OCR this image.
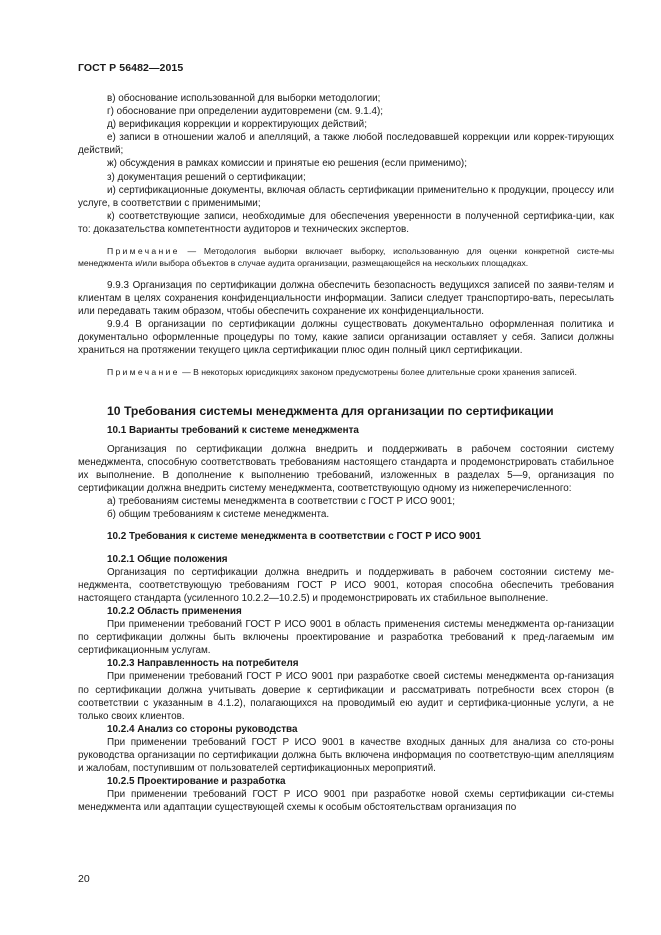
ГОСТ Р 56482—2015

в) обоснование использованной для выборки методологии;

г) обоснование при определении аудитовремени (см. 9.1.4);

д) верификация коррекции и корректирующих действий;

е) записи в отношении жалоб и апелляций, а также любой последовавшей коррекции или коррек-тирующих действий;

ж) обсуждения в рамках комиссии и принятые ею решения (если применимо);

з) документация решений о сертификации;

и) сертификационные документы, включая область сертификации применительно к продукции, процессу или услуге, в соответствии с применимыми;

к) соответствующие записи, необходимые для обеспечения уверенности в полученной сертифика-ции, как то: доказательства компетентности аудиторов и технических экспертов.

Примечание — Методология выборки включает выборку, использованную для оценки конкретной систе-мы менеджмента и/или выбора объектов в случае аудита организации, размещающейся на нескольких площадках.

9.9.3 Организация по сертификации должна обеспечить безопасность ведущихся записей по заяви-телям и клиентам в целях сохранения конфиденциальности информации. Записи следует транспортиро-вать, пересылать или передавать таким образом, чтобы обеспечить сохранение их конфиденциальности.

9.9.4 В организации по сертификации должны существовать документально оформленная политика и документально оформленные процедуры по тому, какие записи организации оставляет у себя. Записи должны храниться на протяжении текущего цикла сертификации плюс один полный цикл сертификации.

Примечание — В некоторых юрисдикциях законом предусмотрены более длительные сроки хранения записей.

10 Требования системы менеджмента для организации по сертификации

10.1 Варианты требований к системе менеджмента

Организация по сертификации должна внедрить и поддерживать в рабочем состоянии систему менеджмента, способную соответствовать требованиям настоящего стандарта и продемонстрировать стабильное их выполнение. В дополнение к выполнению требований, изложенных в разделах 5—9, организация по сертификации должна внедрить систему менеджмента, соответствующую одному из нижеперечисленного:

а) требованиям системы менеджмента в соответствии с ГОСТ Р ИСО 9001;

б) общим требованиям к системе менеджмента.

10.2 Требования к системе менеджмента в соответствии с ГОСТ Р ИСО 9001

10.2.1 Общие положения

Организация по сертификации должна внедрить и поддерживать в рабочем состоянии систему ме-неджмента, соответствующую требованиям ГОСТ Р ИСО 9001, которая способна обеспечить требования настоящего стандарта (усиленного 10.2.2—10.2.5) и продемонстрировать их стабильное выполнение.

10.2.2 Область применения

При применении требований ГОСТ Р ИСО 9001 в область применения системы менеджмента ор-ганизации по сертификации должны быть включены проектирование и разработка требований к пред-лагаемым им сертификационным услугам.

10.2.3 Направленность на потребителя

При применении требований ГОСТ Р ИСО 9001 при разработке своей системы менеджмента ор-ганизация по сертификации должна учитывать доверие к сертификации и рассматривать потребности всех сторон (в соответствии с указанным в 4.1.2), полагающихся на проводимый ею аудит и сертифика-ционные услуги, а не только своих клиентов.

10.2.4 Анализ со стороны руководства

При применении требований ГОСТ Р ИСО 9001 в качестве входных данных для анализа со сто-роны руководства организации по сертификации должна быть включена информация по соответствую-щим апелляциям и жалобам, поступившим от пользователей сертификационных мероприятий.

10.2.5 Проектирование и разработка

При применении требований ГОСТ Р ИСО 9001 при разработке новой схемы сертификации си-стемы менеджмента или адаптации существующей схемы к особым обстоятельствам организация по

20
